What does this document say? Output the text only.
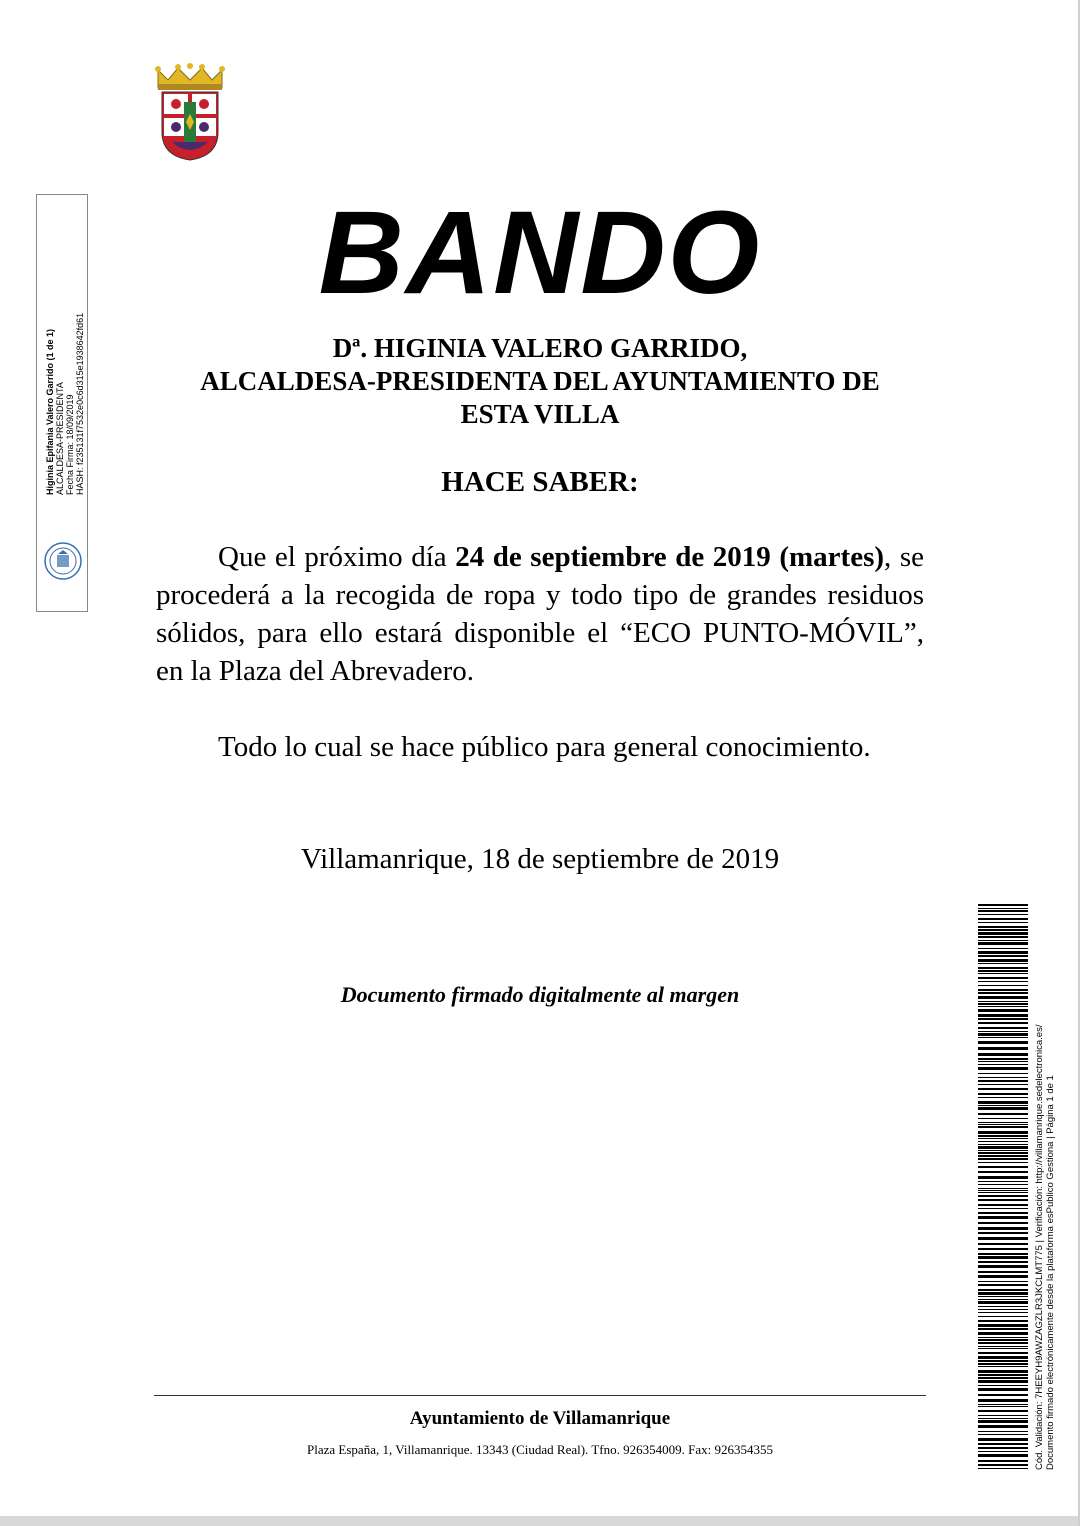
Higinia Epifania Valero Garrido (1 de 1) ALCALDESA-PRESIDENTA Fecha Firma: 18/09/2019 HASH: f235131f7532e0c6d315e1938642fd61
BANDO
Dª. HIGINIA VALERO GARRIDO,
ALCALDESA-PRESIDENTA DEL AYUNTAMIENTO DE
ESTA VILLA
HACE SABER:
Que el próximo día 24 de septiembre de 2019 (martes), se procederá a la recogida de ropa y todo tipo de grandes residuos sólidos, para ello estará disponible el “ECO PUNTO-MÓVIL”, en la Plaza del Abrevadero.
Todo lo cual se hace público para general conocimiento.
Villamanrique, 18 de septiembre de 2019
Documento firmado digitalmente al margen
Ayuntamiento de Villamanrique
Plaza España, 1, Villamanrique. 13343 (Ciudad Real). Tfno. 926354009. Fax: 926354355	Cód. Validación: 7HEEYH9AWZAGZLR3JKCLMT775 | Verificación: http://villamanrique.sedelectronica.es/ Documento firmado electrónicamente desde la plataforma esPublico Gestiona | Página 1 de 1
